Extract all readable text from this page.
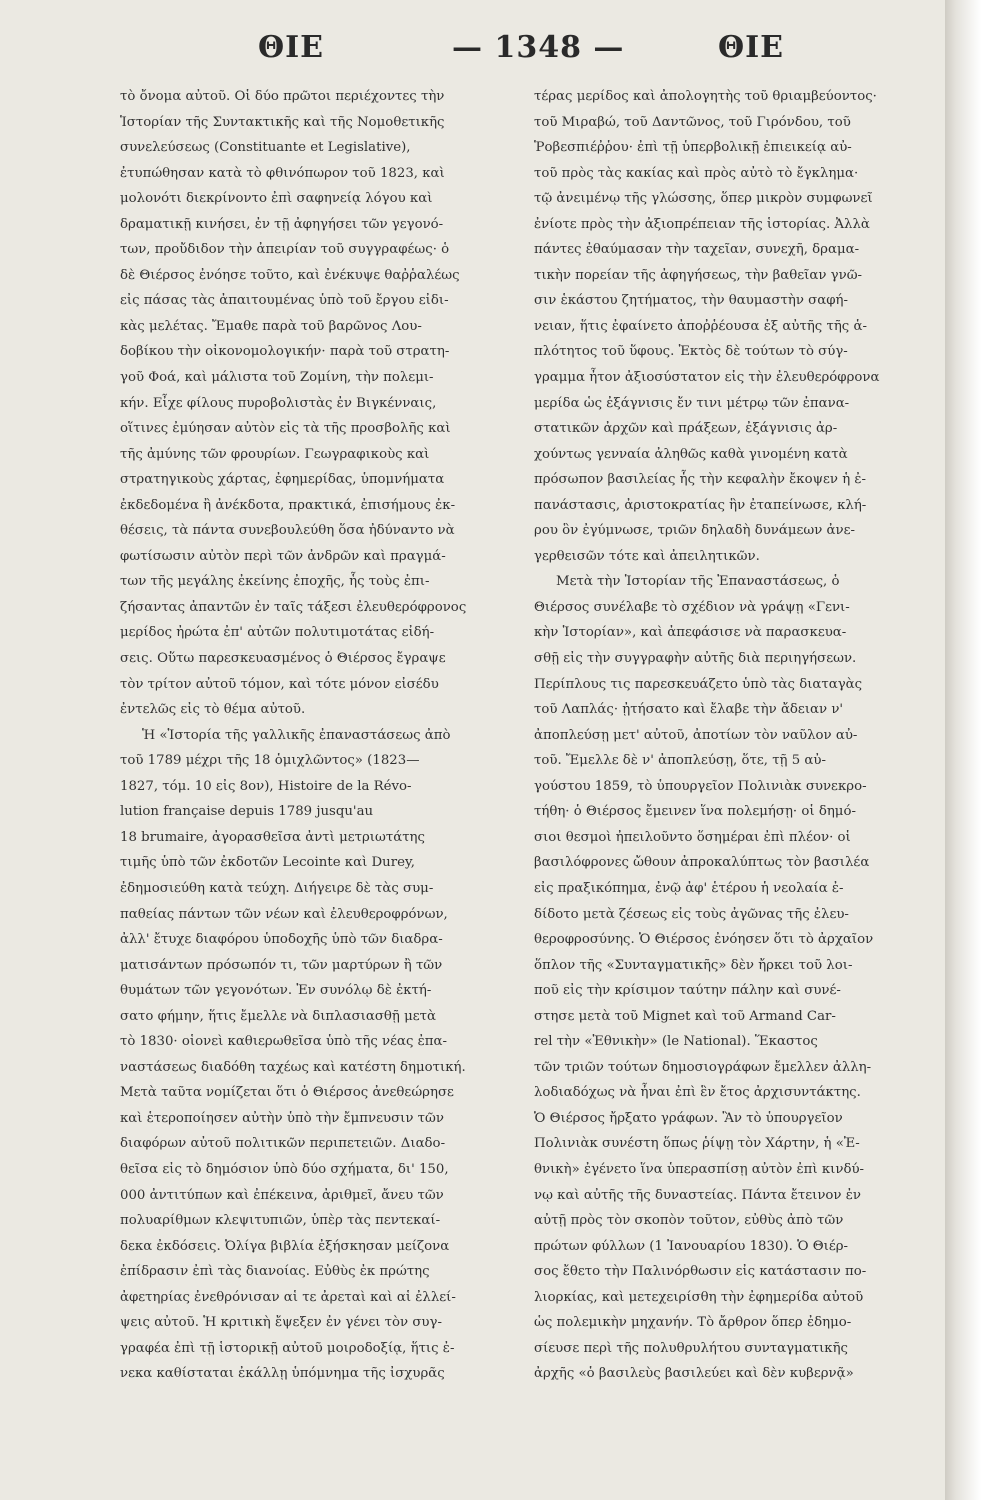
ΘΙΕ	— 1348 —	ΘΙΕ
τὸ ὄνομα αὐτοῦ. Οἱ δύο πρῶτοι περιέχοντες τὴν
Ἱστορίαν τῆς Συντακτικῆς καὶ τῆς Νομοθετικῆς
συνελεύσεως (Constituante et Legislative),
ἐτυπώθησαν κατὰ τὸ φθινόπωρον τοῦ 1823, καὶ
μολονότι διεκρίνοντο ἐπὶ σαφηνείᾳ λόγου καὶ
δραματικῇ κινήσει, ἐν τῇ ἀφηγήσει τῶν γεγονό-
των, προὔδιδον τὴν ἀπειρίαν τοῦ συγγραφέως· ὁ
δὲ Θιέρσος ἐνόησε τοῦτο, καὶ ἐνέκυψε θαῤῥαλέως
εἰς πάσας τὰς ἀπαιτουμένας ὑπὸ τοῦ ἔργου εἰδι-
κὰς μελέτας. Ἔμαθε παρὰ τοῦ βαρῶνος Λου-
δοβίκου τὴν οἰκονομολογικήν· παρὰ τοῦ στρατη-
γοῦ Φοά, καὶ μάλιστα τοῦ Ζομίνη, τὴν πολεμι-
κήν. Εἶχε φίλους πυροβολιστὰς ἐν Βιγκένναις,
οἵτινες ἐμύησαν αὐτὸν εἰς τὰ τῆς προσβολῆς καὶ
τῆς ἀμύνης τῶν φρουρίων. Γεωγραφικοὺς καὶ
στρατηγικοὺς χάρτας, ἐφημερίδας, ὑπομνήματα
ἐκδεδομένα ἢ ἀνέκδοτα, πρακτικά, ἐπισήμους ἐκ-
θέσεις, τὰ πάντα συνεβουλεύθη ὅσα ἠδύναντο νὰ
φωτίσωσιν αὐτὸν περὶ τῶν ἀνδρῶν καὶ πραγμά-
των τῆς μεγάλης ἐκείνης ἐποχῆς, ἧς τοὺς ἐπι-
ζήσαντας ἀπαντῶν ἐν ταῖς τάξεσι ἐλευθερόφρονος
μερίδος ἠρώτα ἐπ' αὐτῶν πολυτιμοτάτας εἰδή-
σεις. Οὕτω παρεσκευασμένος ὁ Θιέρσος ἔγραψε
τὸν τρίτον αὐτοῦ τόμον, καὶ τότε μόνον εἰσέδυ
ἐντελῶς εἰς τὸ θέμα αὐτοῦ.
Ἡ «Ἱστορία τῆς γαλλικῆς ἐπαναστάσεως ἀπὸ
τοῦ 1789 μέχρι τῆς 18 ὁμιχλῶντος» (1823—
1827, τόμ. 10 εἰς 8ον), Histoire de la Révo-
lution française depuis 1789 jusqu'au
18 brumaire, ἀγορασθεῖσα ἀντὶ μετριωτάτης
τιμῆς ὑπὸ τῶν ἐκδοτῶν Lecointe καὶ Durey,
ἐδημοσιεύθη κατὰ τεύχη. Διήγειρε δὲ τὰς συμ-
παθείας πάντων τῶν νέων καὶ ἐλευθεροφρόνων,
ἀλλ' ἔτυχε διαφόρου ὑποδοχῆς ὑπὸ τῶν διαδρα-
ματισάντων πρόσωπόν τι, τῶν μαρτύρων ἢ τῶν
θυμάτων τῶν γεγονότων. Ἐν συνόλῳ δὲ ἐκτή-
σατο φήμην, ἥτις ἔμελλε νὰ διπλασιασθῇ μετὰ
τὸ 1830· οἱονεὶ καθιερωθεῖσα ὑπὸ τῆς νέας ἐπα-
ναστάσεως διαδόθη ταχέως καὶ κατέστη δημοτική.
Μετὰ ταῦτα νομίζεται ὅτι ὁ Θιέρσος ἀνεθεώρησε
καὶ ἑτεροποίησεν αὐτὴν ὑπὸ τὴν ἔμπνευσιν τῶν
διαφόρων αὐτοῦ πολιτικῶν περιπετειῶν. Διαδο-
θεῖσα εἰς τὸ δημόσιον ὑπὸ δύο σχήματα, δι' 150,
000 ἀντιτύπων καὶ ἐπέκεινα, ἀριθμεῖ, ἄνευ τῶν
πολυαρίθμων κλεψιτυπιῶν, ὑπὲρ τὰς πεντεκαί-
δεκα ἐκδόσεις. Ὀλίγα βιβλία ἐξήσκησαν μείζονα
ἐπίδρασιν ἐπὶ τὰς διανοίας. Εὐθὺς ἐκ πρώτης
ἀφετηρίας ἐνεθρόνισαν αἱ τε ἀρεταὶ καὶ αἱ ἐλλεί-
ψεις αὐτοῦ. Ἡ κριτικὴ ἔψεξεν ἐν γένει τὸν συγ-
γραφέα ἐπὶ τῇ ἱστορικῇ αὐτοῦ μοιροδοξίᾳ, ἥτις ἐ-
νεκα καθίσταται ἐκάλλῃ ὑπόμνημα τῆς ἰσχυρᾶς
τέρας μερίδος καὶ ἀπολογητὴς τοῦ θριαμβεύοντος·
τοῦ Μιραβώ, τοῦ Δαντῶνος, τοῦ Γιρόνδου, τοῦ
Ῥοβεσπιέῤῥου· ἐπὶ τῇ ὑπερβολικῇ ἐπιεικείᾳ αὐ-
τοῦ πρὸς τὰς κακίας καὶ πρὸς αὐτὸ τὸ ἔγκλημα·
τῷ ἀνειμένῳ τῆς γλώσσης, ὅπερ μικρὸν συμφωνεῖ
ἐνίοτε πρὸς τὴν ἀξιοπρέπειαν τῆς ἱστορίας. Ἀλλὰ
πάντες ἐθαύμασαν τὴν ταχεῖαν, συνεχῆ, δραμα-
τικὴν πορείαν τῆς ἀφηγήσεως, τὴν βαθεῖαν γνῶ-
σιν ἑκάστου ζητήματος, τὴν θαυμαστὴν σαφή-
νειαν, ἥτις ἐφαίνετο ἀποῤῥέουσα ἐξ αὐτῆς τῆς ἁ-
πλότητος τοῦ ὕφους. Ἐκτὸς δὲ τούτων τὸ σύγ-
γραμμα ἦτον ἀξιοσύστατον εἰς τὴν ἐλευθερόφρονα
μερίδα ὡς ἐξάγνισις ἔν τινι μέτρῳ τῶν ἐπανα-
στατικῶν ἀρχῶν καὶ πράξεων, ἐξάγνισις ἀρ-
χούντως γενναία ἀληθῶς καθὰ γινομένη κατὰ
πρόσωπον βασιλείας ἧς τὴν κεφαλὴν ἔκοψεν ἡ ἐ-
πανάστασις, ἀριστοκρατίας ἣν ἐταπείνωσε, κλή-
ρου ὃν ἐγύμνωσε, τριῶν δηλαδὴ δυνάμεων ἀνε-
γερθεισῶν τότε καὶ ἀπειλητικῶν.
Μετὰ τὴν Ἱστορίαν τῆς Ἐπαναστάσεως, ὁ
Θιέρσος συνέλαβε τὸ σχέδιον νὰ γράψῃ «Γενι-
κὴν Ἱστορίαν», καὶ ἀπεφάσισε νὰ παρασκευα-
σθῇ εἰς τὴν συγγραφὴν αὐτῆς διὰ περιηγήσεων.
Περίπλους τις παρεσκευάζετο ὑπὸ τὰς διαταγὰς
τοῦ Λαπλάς· ᾐτήσατο καὶ ἔλαβε τὴν ἄδειαν ν'
ἀποπλεύσῃ μετ' αὐτοῦ, ἀποτίων τὸν ναῦλον αὐ-
τοῦ. Ἔμελλε δὲ ν' ἀποπλεύσῃ, ὅτε, τῇ 5 αὐ-
γούστου 1859, τὸ ὑπουργεῖον Πολινιὰκ συνεκρο-
τήθη· ὁ Θιέρσος ἔμεινεν ἵνα πολεμήσῃ· οἱ δημό-
σιοι θεσμοὶ ἠπειλοῦντο ὅσημέραι ἐπὶ πλέον· οἱ
βασιλόφρονες ὤθουν ἀπροκαλύπτως τὸν βασιλέα
εἰς πραξικόπημα, ἐνῷ ἀφ' ἑτέρου ἡ νεολαία ἐ-
δίδοτο μετὰ ζέσεως εἰς τοὺς ἀγῶνας τῆς ἐλευ-
θεροφροσύνης. Ὁ Θιέρσος ἐνόησεν ὅτι τὸ ἀρχαῖον
ὅπλον τῆς «Συνταγματικῆς» δὲν ἤρκει τοῦ λοι-
ποῦ εἰς τὴν κρίσιμον ταύτην πάλην καὶ συνέ-
στησε μετὰ τοῦ Mignet καὶ τοῦ Armand Car-
rel τὴν «Ἐθνικὴν» (le National). Ἕκαστος
τῶν τριῶν τούτων δημοσιογράφων ἔμελλεν ἀλλη-
λοδιαδόχως νὰ ἦναι ἐπὶ ἓν ἔτος ἀρχισυντάκτης.
Ὁ Θιέρσος ἤρξατο γράφων. Ἂν τὸ ὑπουργεῖον
Πολινιὰκ συνέστη ὅπως ῥίψῃ τὸν Χάρτην, ἡ «Ἐ-
θνικὴ» ἐγένετο ἵνα ὑπερασπίσῃ αὐτὸν ἐπὶ κινδύ-
νῳ καὶ αὐτῆς τῆς δυναστείας. Πάντα ἔτεινον ἐν
αὐτῇ πρὸς τὸν σκοπὸν τοῦτον, εὐθὺς ἀπὸ τῶν
πρώτων φύλλων (1 Ἰανουαρίου 1830). Ὁ Θιέρ-
σος ἔθετο τὴν Παλινόρθωσιν εἰς κατάστασιν πο-
λιορκίας, καὶ μετεχειρίσθη τὴν ἐφημερίδα αὐτοῦ
ὡς πολεμικὴν μηχανήν. Τὸ ἄρθρον ὅπερ ἐδημο-
σίευσε περὶ τῆς πολυθρυλήτου συνταγματικῆς
ἀρχῆς «ὁ βασιλεὺς βασιλεύει καὶ δὲν κυβερνᾷ»
